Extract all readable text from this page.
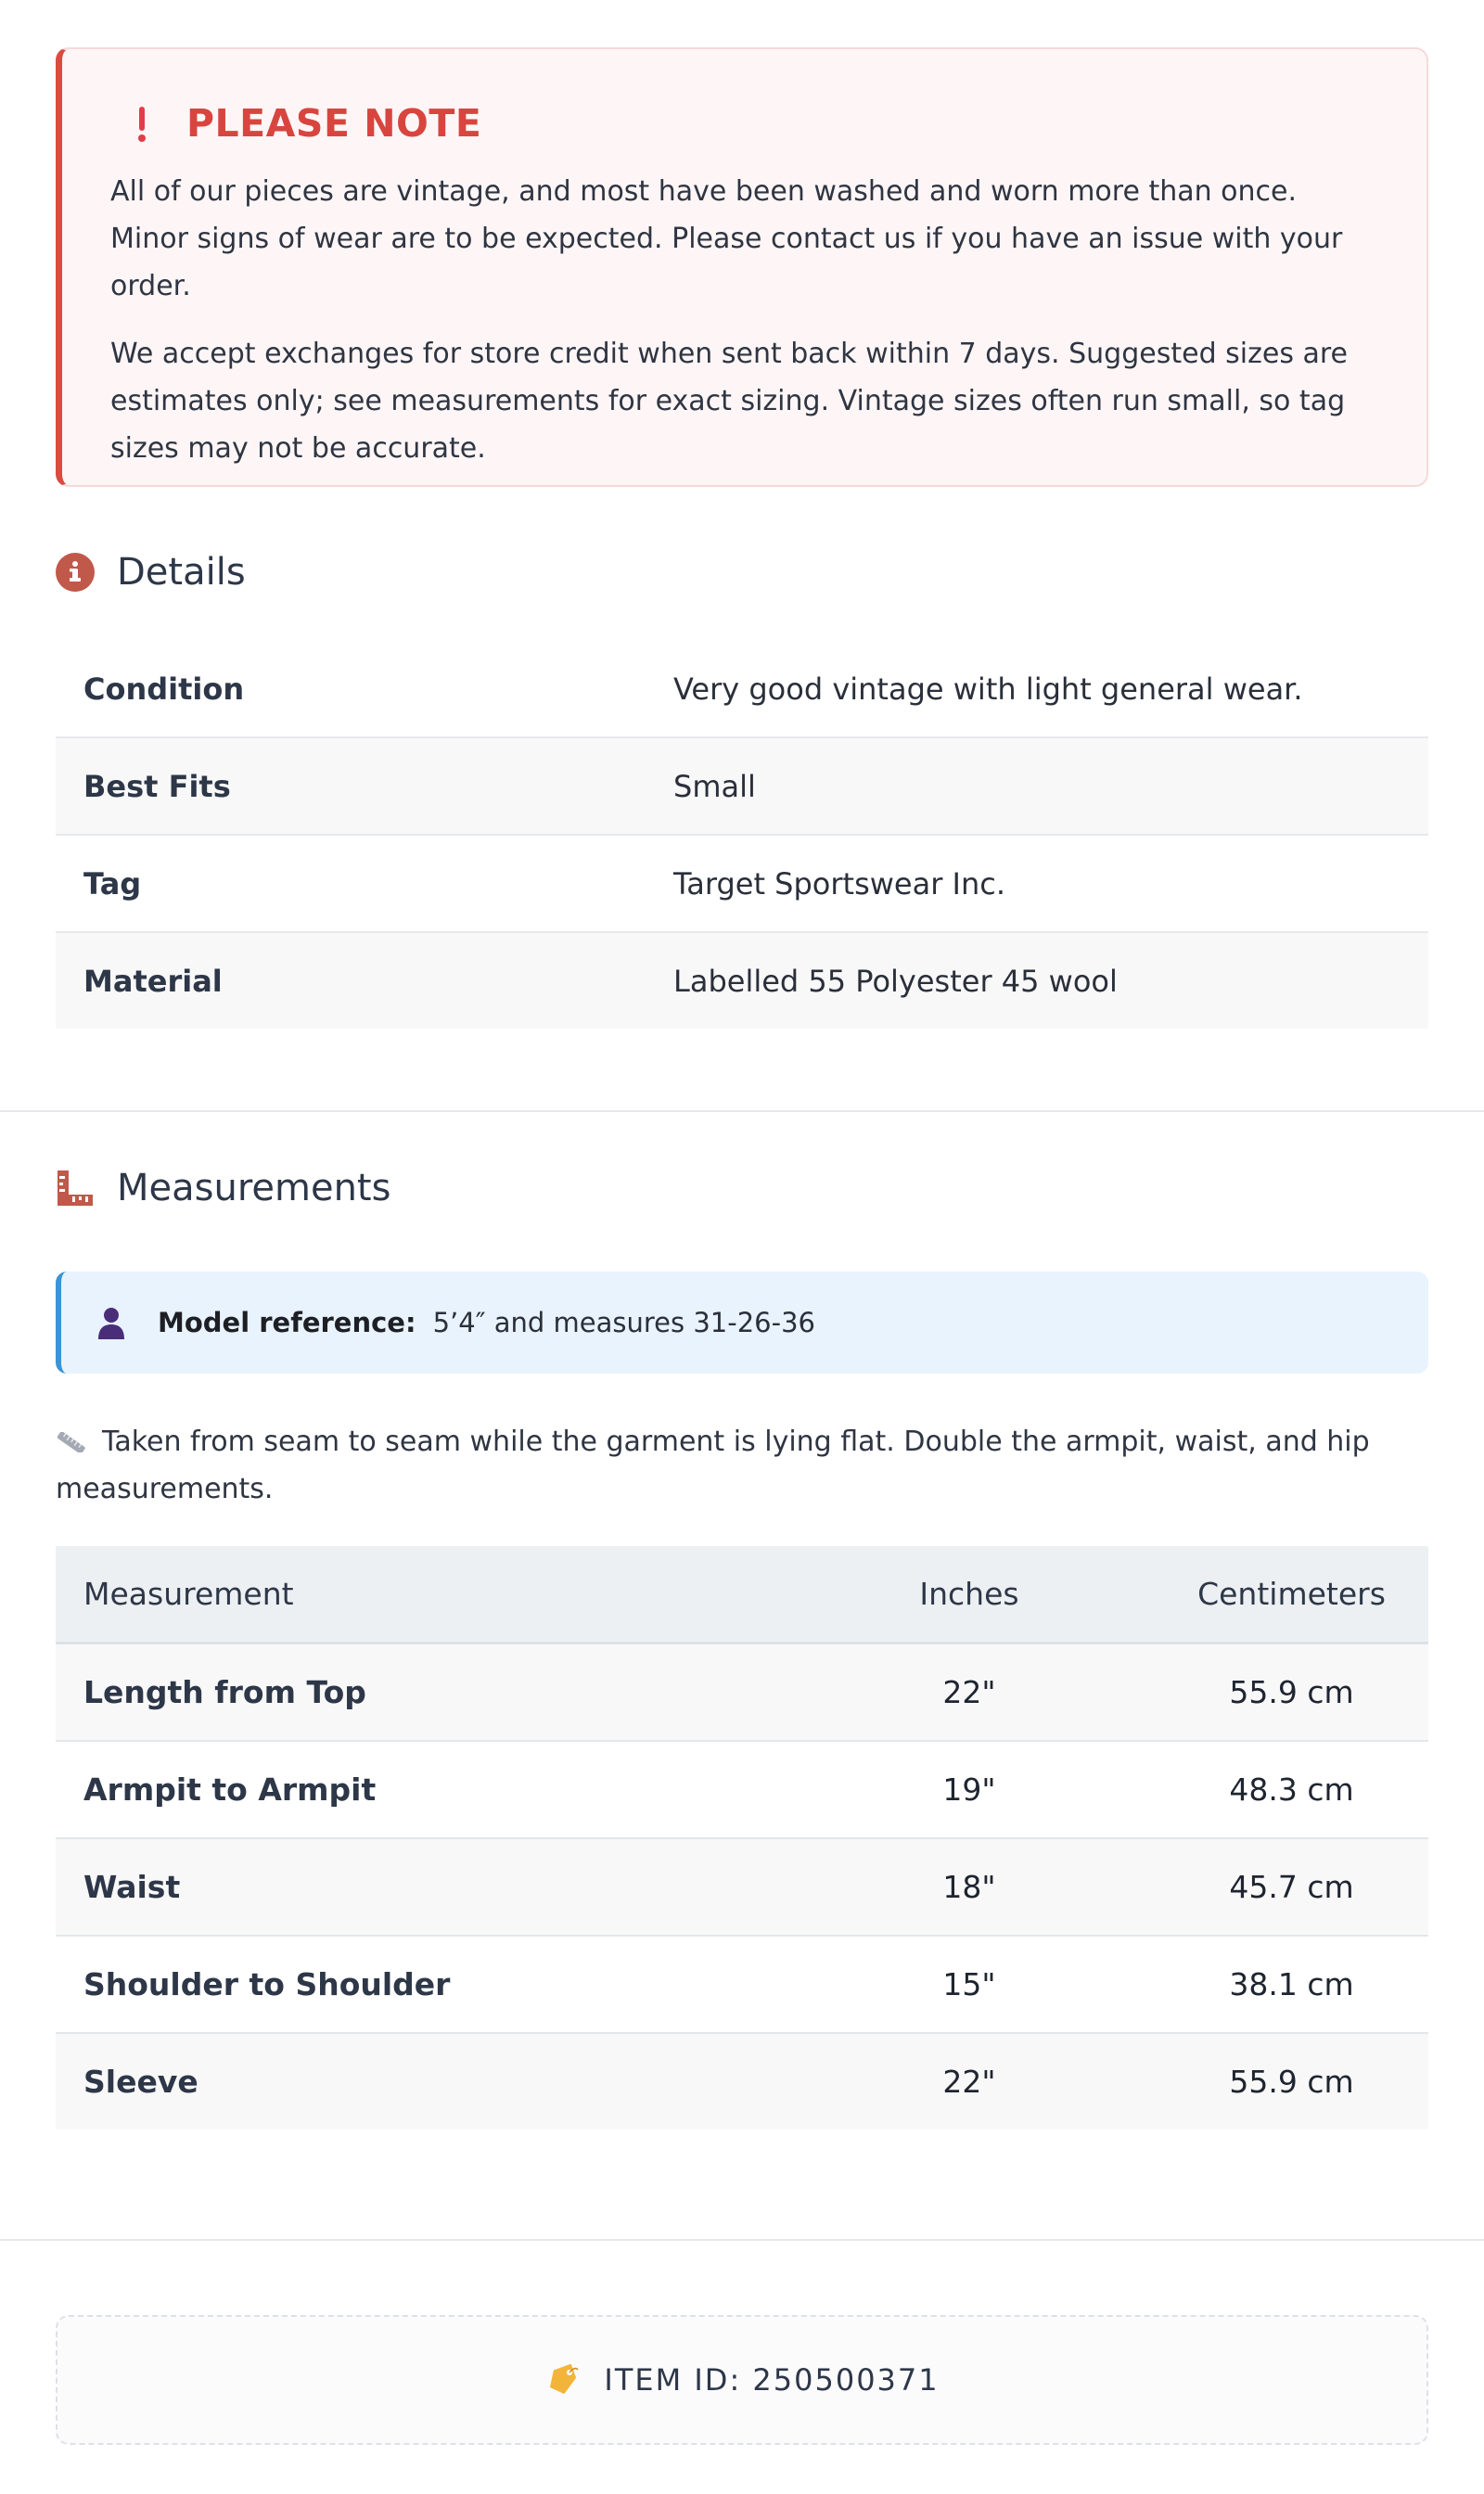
PLEASE NOTE

All of our pieces are vintage, and most have been washed and worn more than once. Minor signs of wear are to be expected. Please contact us if you have an issue with your order.

We accept exchanges for store credit when sent back within 7 days. Suggested sizes are estimates only; see measurements for exact sizing. Vintage sizes often run small, so tag sizes may not be accurate.

Details
Condition	Very good vintage with light general wear.
Best Fits	Small
Tag	Target Sportswear Inc.
Material	Labelled 55 Polyester 45 wool
Measurements
Model reference: 5’4″ and measures 31-26-36
Taken from seam to seam while the garment is lying flat. Double the armpit, waist, and hip measurements.
Measurement	Inches	Centimeters
Length from Top	22"	55.9 cm
Armpit to Armpit	19"	48.3 cm
Waist	18"	45.7 cm
Shoulder to Shoulder	15"	38.1 cm
Sleeve	22"	55.9 cm
ITEM ID: 250500371
